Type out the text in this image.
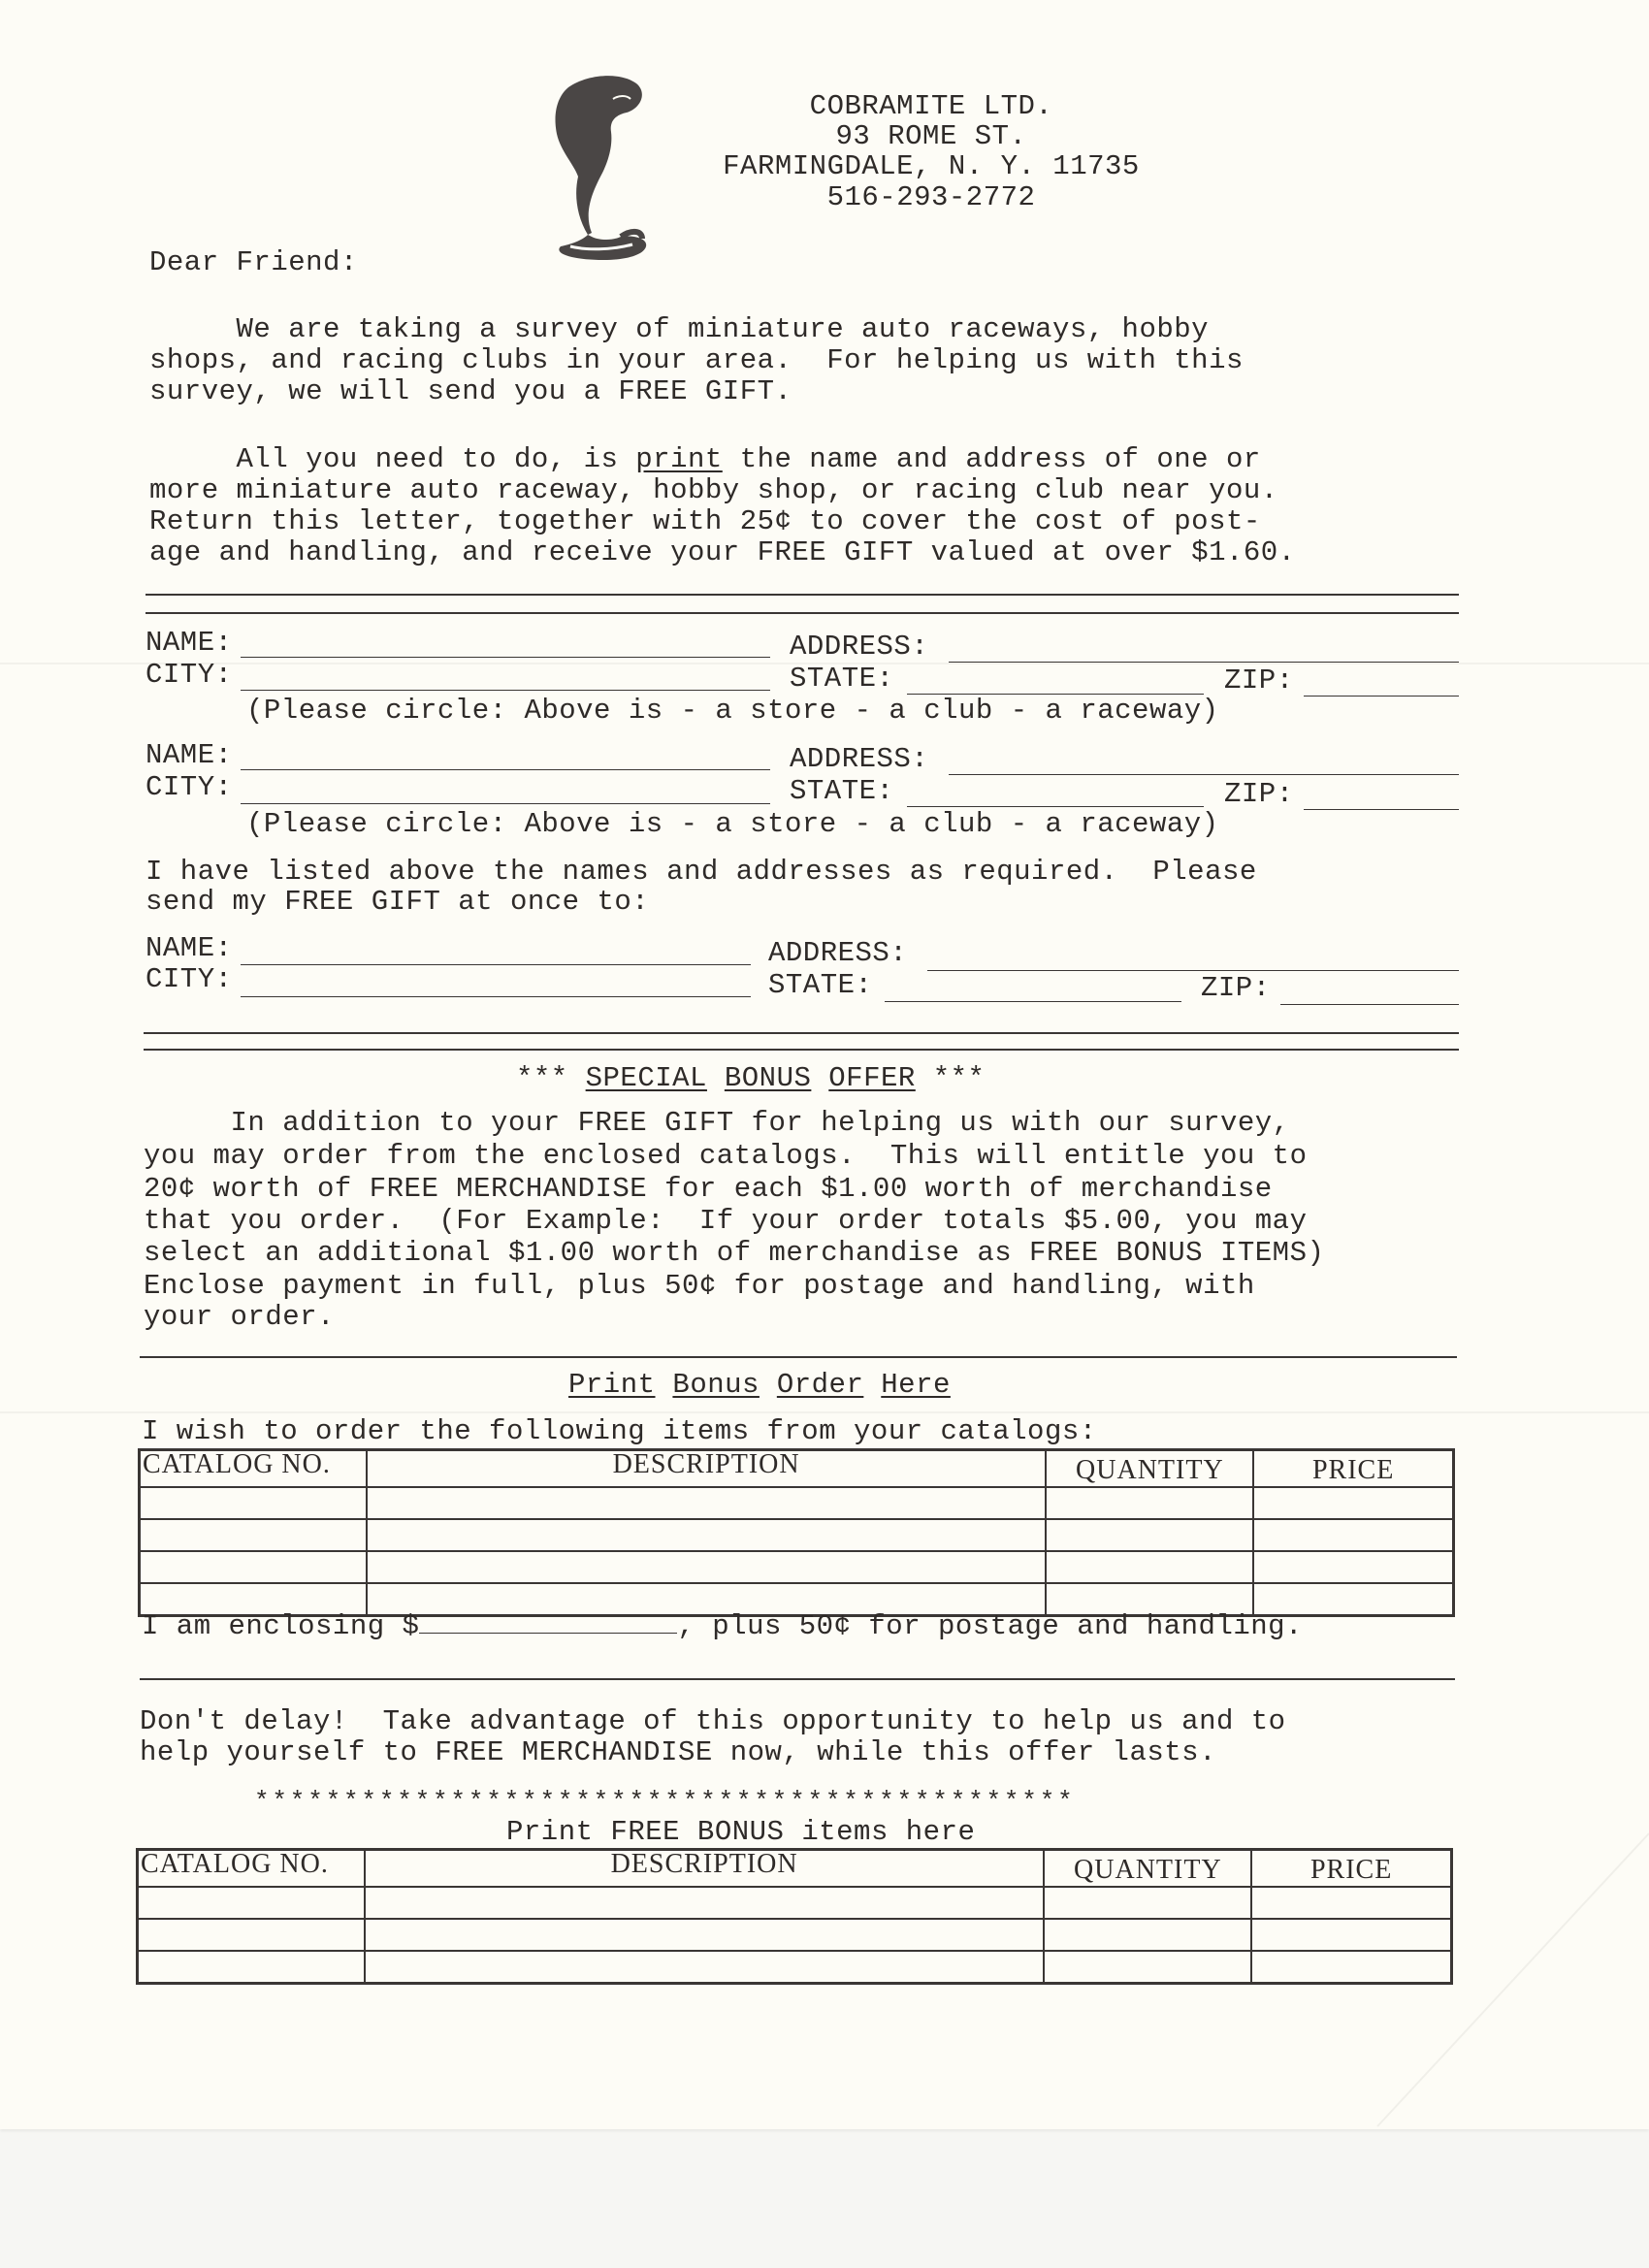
COBRAMITE LTD.
93 ROME ST.
FARMINGDALE, N. Y. 11735
516-293-2772
Dear Friend:
We are taking a survey of miniature auto raceways, hobby
shops, and racing clubs in your area.  For helping us with this
survey, we will send you a FREE GIFT.
All you need to do, is print the name and address of one or
more miniature auto raceway, hobby shop, or racing club near you.
Return this letter, together with 25¢ to cover the cost of post-
age and handling, and receive your FREE GIFT valued at over $1.60.
NAME:	ADDRESS:
CITY:	STATE:	ZIP:
(Please circle: Above is - a store - a club - a raceway)
NAME:	ADDRESS:
CITY:	STATE:	ZIP:
(Please circle: Above is - a store - a club - a raceway)
I have listed above the names and addresses as required.  Please
send my FREE GIFT at once to:
NAME:	ADDRESS:
CITY:	STATE:	ZIP:
*** SPECIAL BONUS OFFER ***
In addition to your FREE GIFT for helping us with our survey,
you may order from the enclosed catalogs.  This will entitle you to
20¢ worth of FREE MERCHANDISE for each $1.00 worth of merchandise
that you order.  (For Example:  If your order totals $5.00, you may
select an additional $1.00 worth of merchandise as FREE BONUS ITEMS)
Enclose payment in full, plus 50¢ for postage and handling, with
your order.
Print Bonus Order Here
I wish to order the following items from your catalogs:
CATALOG NO.	DESCRIPTION	QUANTITY	PRICE

I am enclosing $	, plus 50¢ for postage and handling.
Don't delay!  Take advantage of this opportunity to help us and to
help yourself to FREE MERCHANDISE now, while this offer lasts.
**********************************************
Print FREE BONUS items here
CATALOG NO.	DESCRIPTION	QUANTITY	PRICE
